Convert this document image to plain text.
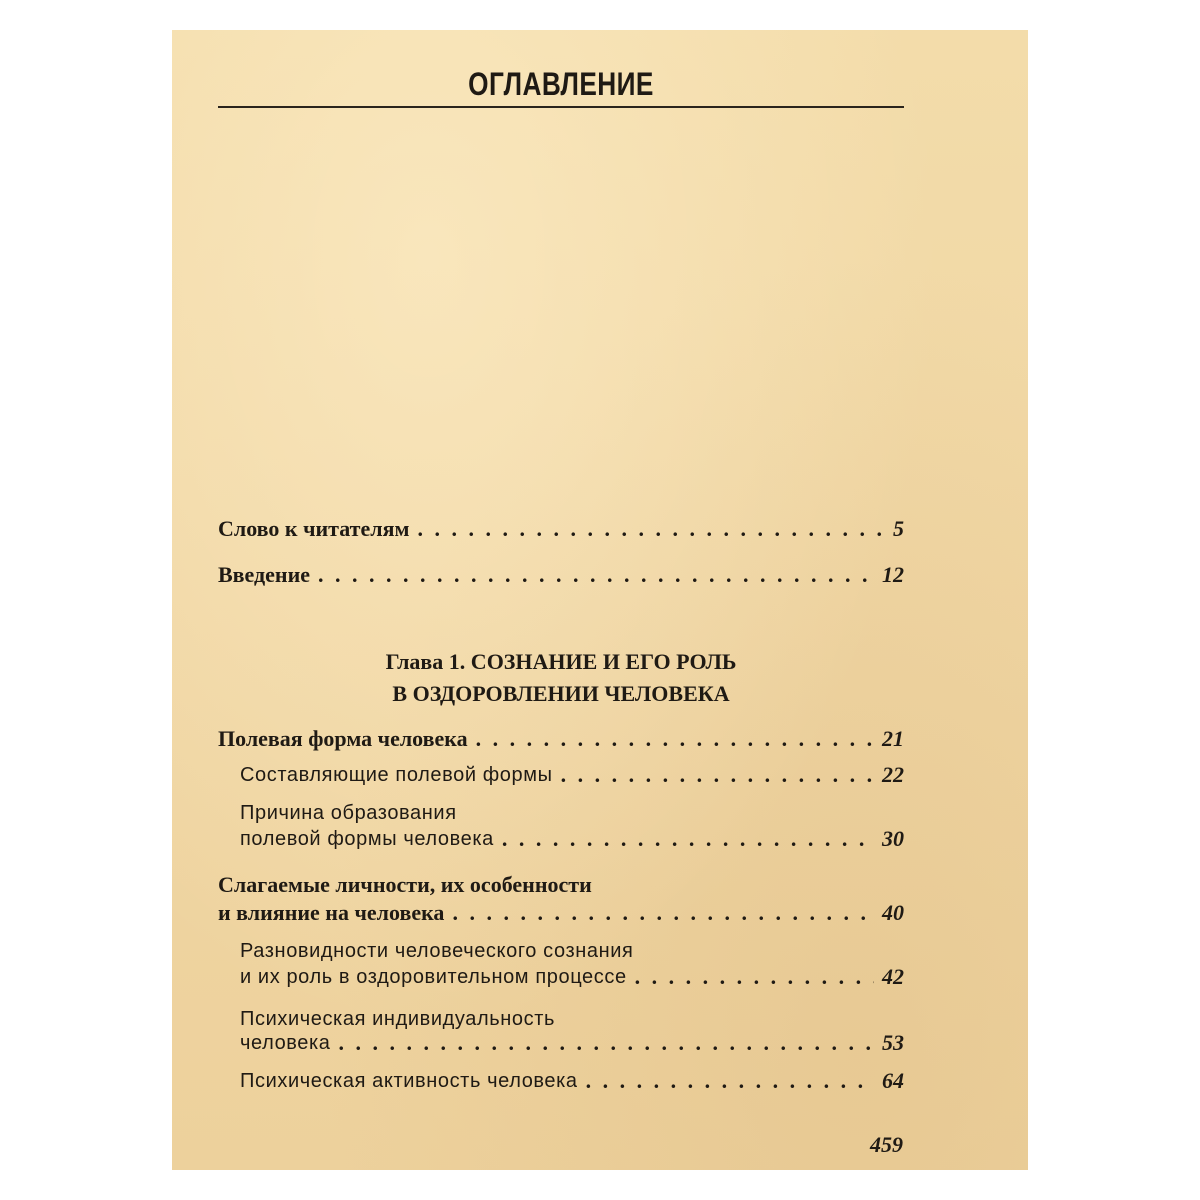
ОГЛАВЛЕНИЕ
Слово к читателям . . .	5
Введение . . .	12
Глава 1. СОЗНАНИЕ И ЕГО РОЛЬ
В ОЗДОРОВЛЕНИИ ЧЕЛОВЕКА
Полевая форма человека . . .	21
Составляющие полевой формы . . .	22
Причина образования
полевой формы человека . . .	30
Слагаемые личности, их особенности
и влияние на человека . . .	40
Разновидности человеческого сознания
и их роль в оздоровительном процессе . . .	42
Психическая индивидуальность
человека . . .	53
Психическая активность человека . . .	64
459
